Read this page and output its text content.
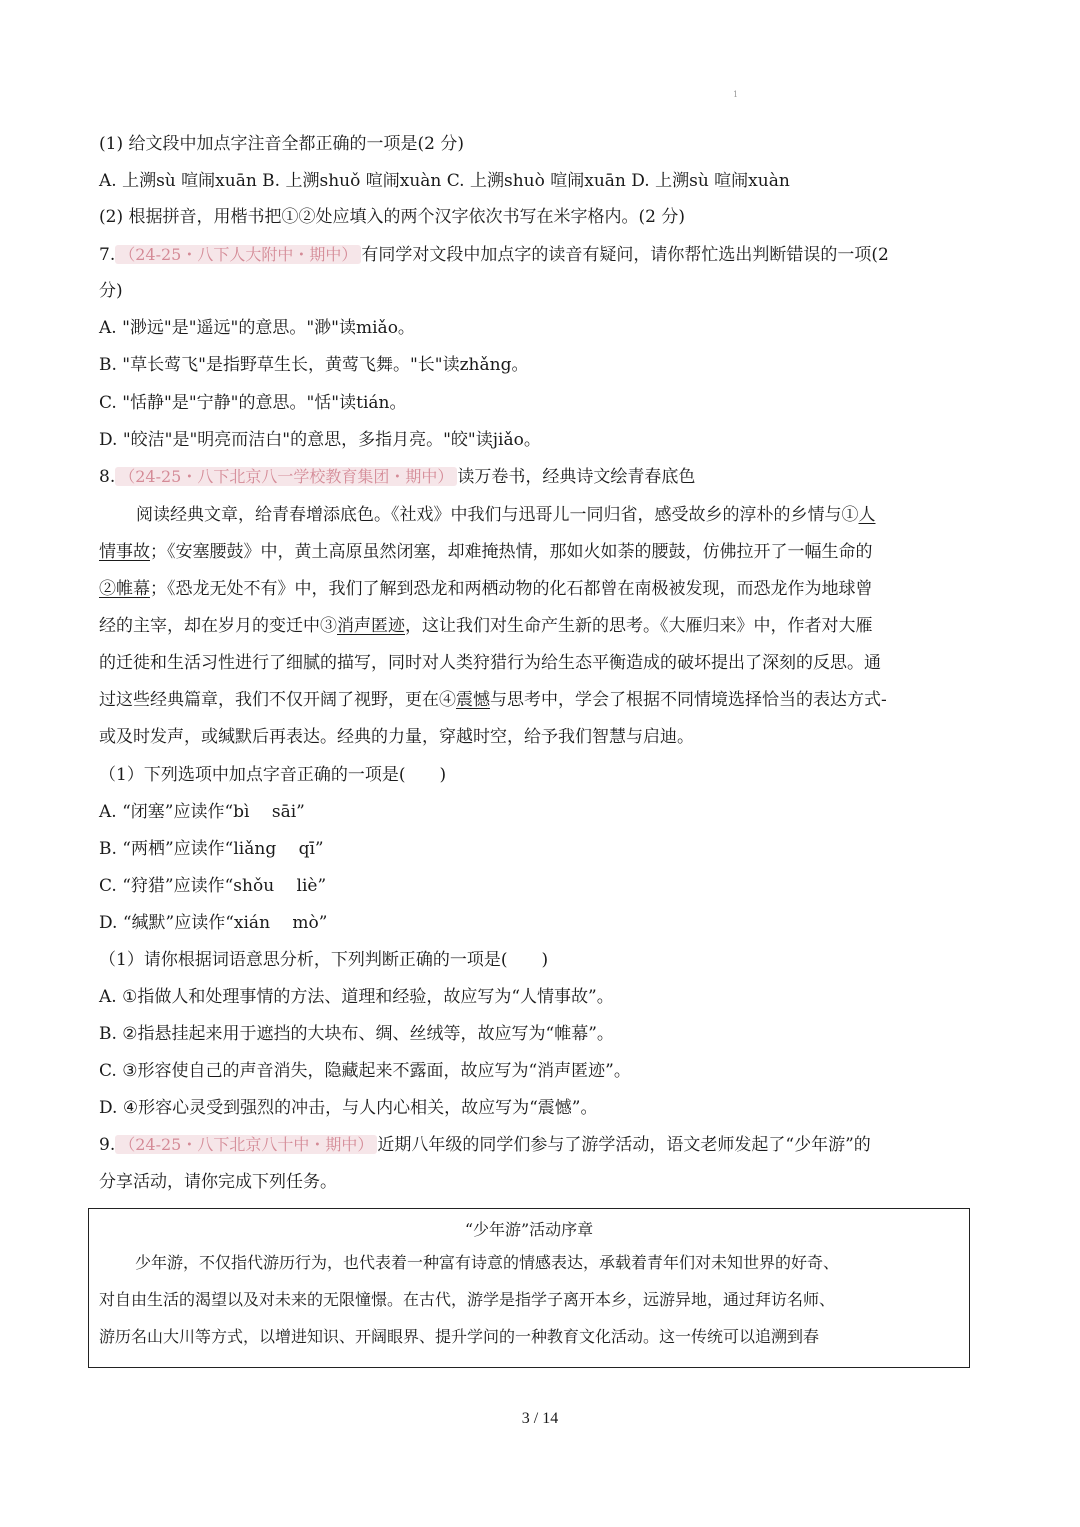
1
(1) 给文段中加点字注音全都正确的一项是(2 分)
A. 上溯sù 喧闹xuān B. 上溯shuǒ 喧闹xuàn C. 上溯shuò 喧闹xuān D. 上溯sù 喧闹xuàn
(2) 根据拼音，用楷书把①②处应填入的两个汉字依次书写在米字格内。(2 分)
7. （24-25・八下人大附中・期中） 有同学对文段中加点字的读音有疑问，请你帮忙选出判断错误的一项(2
分)
A. "渺远"是"遥远"的意思。"渺"读miǎo。
B. "草长莺飞"是指野草生长，黄莺飞舞。"长"读zhǎng。
C. "恬静"是"宁静"的意思。"恬"读tián。
D. "皎洁"是"明亮而洁白"的意思，多指月亮。"皎"读jiǎo。
8. （24-25・八下北京八一学校教育集团・期中） 读万卷书，经典诗文绘青春底色
阅读经典文章，给青春增添底色。《社戏》中我们与迅哥儿一同归省，感受故乡的淳朴的乡情与①人
情事故；《安塞腰鼓》中，黄土高原虽然闭塞，却难掩热情，那如火如荼的腰鼓，仿佛拉开了一幅生命的
②帷幕；《恐龙无处不有》中，我们了解到恐龙和两栖动物的化石都曾在南极被发现，而恐龙作为地球曾
经的主宰，却在岁月的变迁中③消声匿迹，这让我们对生命产生新的思考。《大雁归来》中，作者对大雁
的迁徙和生活习性进行了细腻的描写，同时对人类狩猎行为给生态平衡造成的破坏提出了深刻的反思。通
过这些经典篇章，我们不仅开阔了视野，更在④震憾与思考中，学会了根据不同情境选择恰当的表达方式-
或及时发声，或缄默后再表达。经典的力量，穿越时空，给予我们智慧与启迪。
（1）下列选项中加点字音正确的一项是(　　)
A. “闭塞”应读作“bì　 sāi”
B. “两栖”应读作“liǎng　 qī”
C. “狩猎”应读作“shǒu　 liè”
D. “缄默”应读作“xián　 mò”
（1）请你根据词语意思分析，下列判断正确的一项是(　　)
A. ①指做人和处理事情的方法、道理和经验，故应写为“人情事故”。
B. ②指悬挂起来用于遮挡的大块布、绸、丝绒等，故应写为“帷幕”。
C. ③形容使自己的声音消失，隐藏起来不露面，故应写为“消声匿迹”。
D. ④形容心灵受到强烈的冲击，与人内心相关，故应写为“震憾”。
9. （24-25・八下北京八十中・期中） 近期八年级的同学们参与了游学活动，语文老师发起了“少年游”的
分享活动，请你完成下列任务。
“少年游”活动序章
少年游，不仅指代游历行为，也代表着一种富有诗意的情感表达，承载着青年们对未知世界的好奇、
对自由生活的渴望以及对未来的无限憧憬。在古代，游学是指学子离开本乡，远游异地，通过拜访名师、
游历名山大川等方式，以增进知识、开阔眼界、提升学问的一种教育文化活动。这一传统可以追溯到春
3 / 14
